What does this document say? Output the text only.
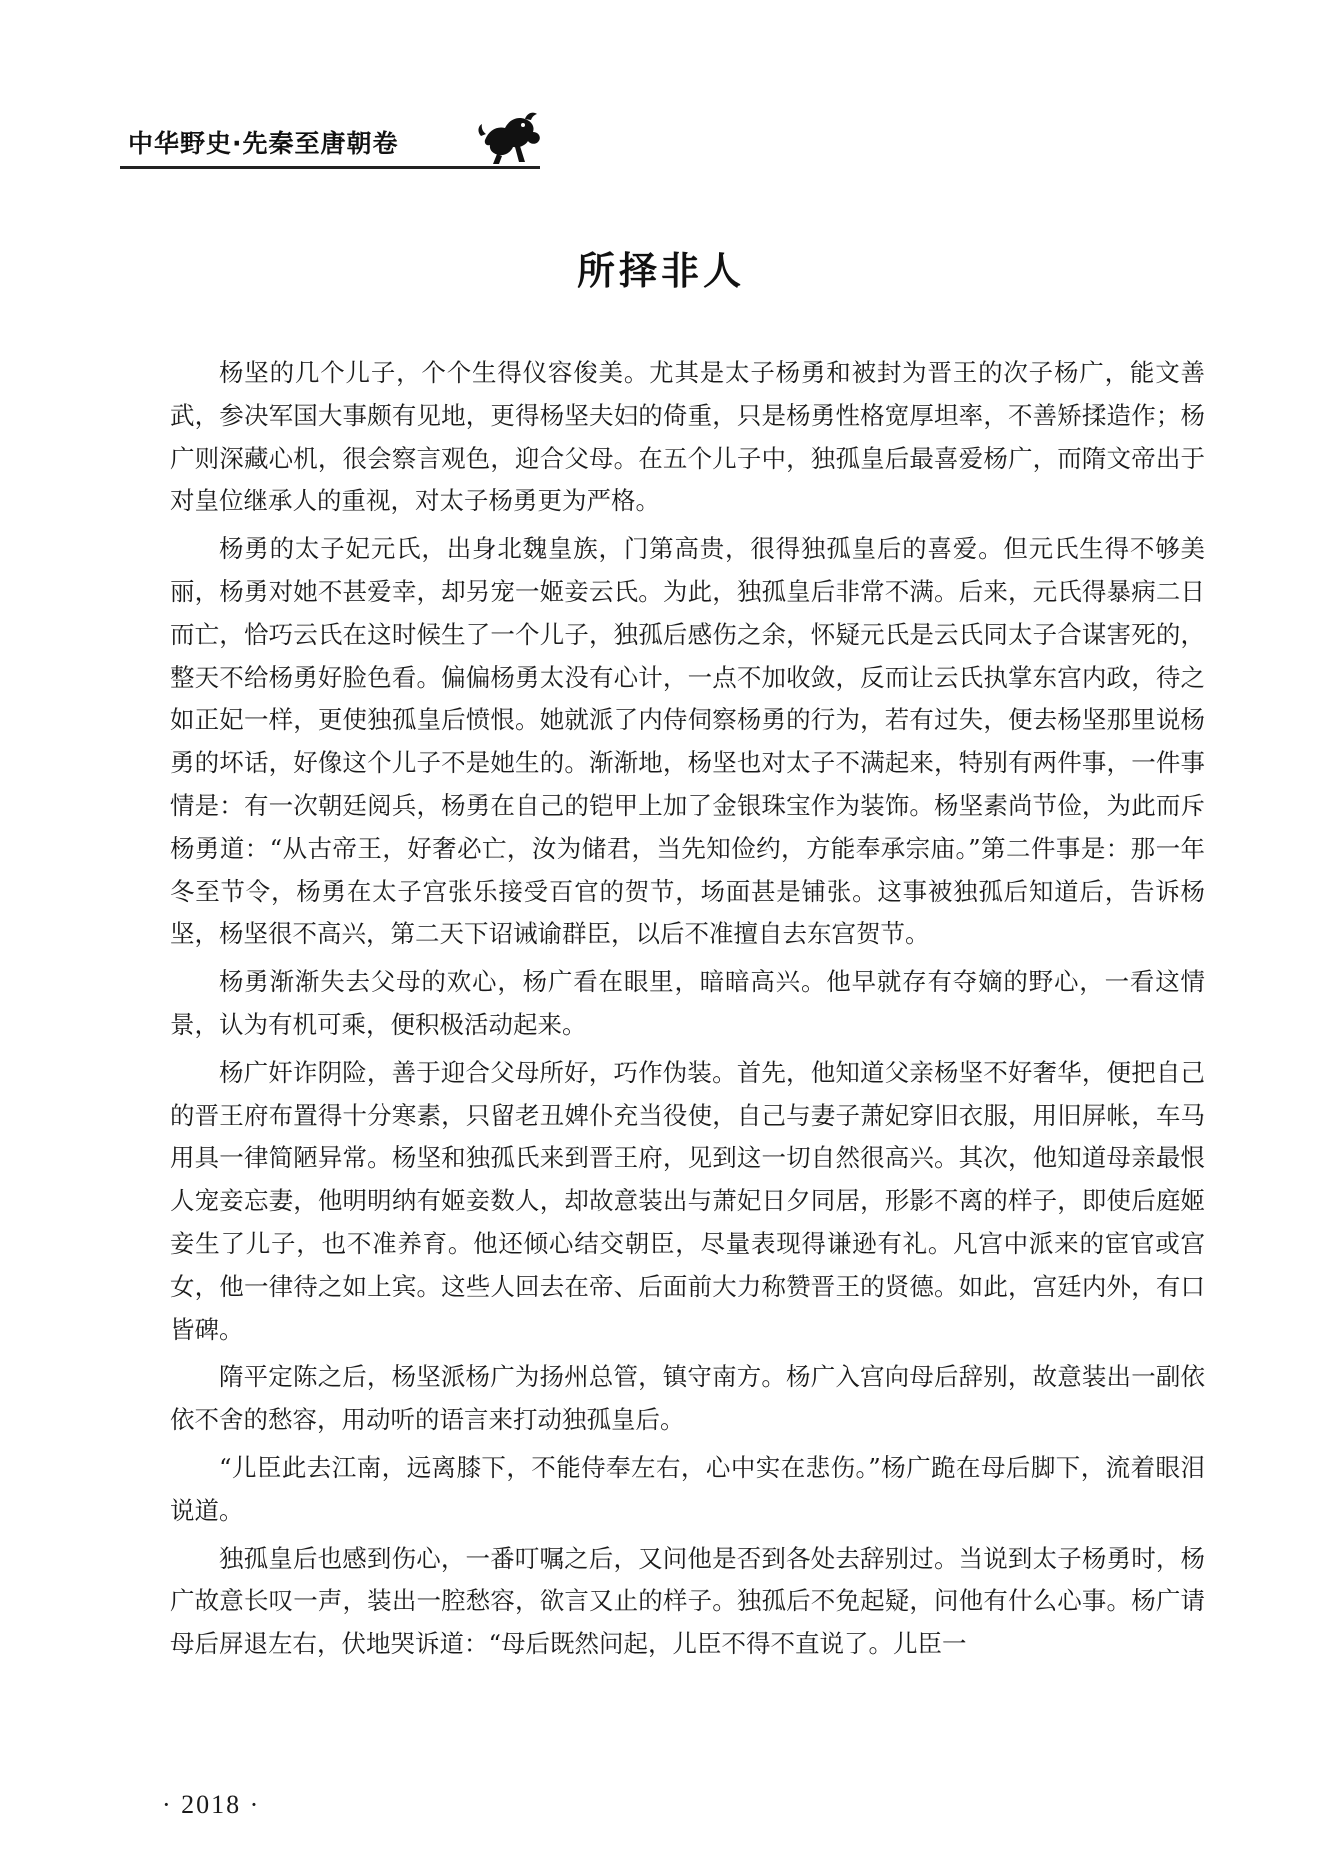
中华野史·先秦至唐朝卷
所择非人

杨坚的几个儿子，个个生得仪容俊美。尤其是太子杨勇和被封为晋王的次子杨广，能文善武，参决军国大事颇有见地，更得杨坚夫妇的倚重，只是杨勇性格宽厚坦率，不善矫揉造作；杨广则深藏心机，很会察言观色，迎合父母。在五个儿子中，独孤皇后最喜爱杨广，而隋文帝出于对皇位继承人的重视，对太子杨勇更为严格。

杨勇的太子妃元氏，出身北魏皇族，门第高贵，很得独孤皇后的喜爱。但元氏生得不够美丽，杨勇对她不甚爱幸，却另宠一姬妾云氏。为此，独孤皇后非常不满。后来，元氏得暴病二日而亡，恰巧云氏在这时候生了一个儿子，独孤后感伤之余，怀疑元氏是云氏同太子合谋害死的，整天不给杨勇好脸色看。偏偏杨勇太没有心计，一点不加收敛，反而让云氏执掌东宫内政，待之如正妃一样，更使独孤皇后愤恨。她就派了内侍伺察杨勇的行为，若有过失，便去杨坚那里说杨勇的坏话，好像这个儿子不是她生的。渐渐地，杨坚也对太子不满起来，特别有两件事，一件事情是：有一次朝廷阅兵，杨勇在自己的铠甲上加了金银珠宝作为装饰。杨坚素尚节俭，为此而斥杨勇道：“从古帝王，好奢必亡，汝为储君，当先知俭约，方能奉承宗庙。”第二件事是：那一年冬至节令，杨勇在太子宫张乐接受百官的贺节，场面甚是铺张。这事被独孤后知道后，告诉杨坚，杨坚很不高兴，第二天下诏诫谕群臣，以后不准擅自去东宫贺节。

杨勇渐渐失去父母的欢心，杨广看在眼里，暗暗高兴。他早就存有夺嫡的野心，一看这情景，认为有机可乘，便积极活动起来。

杨广奸诈阴险，善于迎合父母所好，巧作伪装。首先，他知道父亲杨坚不好奢华，便把自己的晋王府布置得十分寒素，只留老丑婢仆充当役使，自己与妻子萧妃穿旧衣服，用旧屏帐，车马用具一律简陋异常。杨坚和独孤氏来到晋王府，见到这一切自然很高兴。其次，他知道母亲最恨人宠妾忘妻，他明明纳有姬妾数人，却故意装出与萧妃日夕同居，形影不离的样子，即使后庭姬妾生了儿子，也不准养育。他还倾心结交朝臣，尽量表现得谦逊有礼。凡宫中派来的宦官或宫女，他一律待之如上宾。这些人回去在帝、后面前大力称赞晋王的贤德。如此，宫廷内外，有口皆碑。

隋平定陈之后，杨坚派杨广为扬州总管，镇守南方。杨广入宫向母后辞别，故意装出一副依依不舍的愁容，用动听的语言来打动独孤皇后。

“儿臣此去江南，远离膝下，不能侍奉左右，心中实在悲伤。”杨广跪在母后脚下，流着眼泪说道。

独孤皇后也感到伤心，一番叮嘱之后，又问他是否到各处去辞别过。当说到太子杨勇时，杨广故意长叹一声，装出一腔愁容，欲言又止的样子。独孤后不免起疑，问他有什么心事。杨广请母后屏退左右，伏地哭诉道：“母后既然问起，儿臣不得不直说了。儿臣一

· 2018 ·
